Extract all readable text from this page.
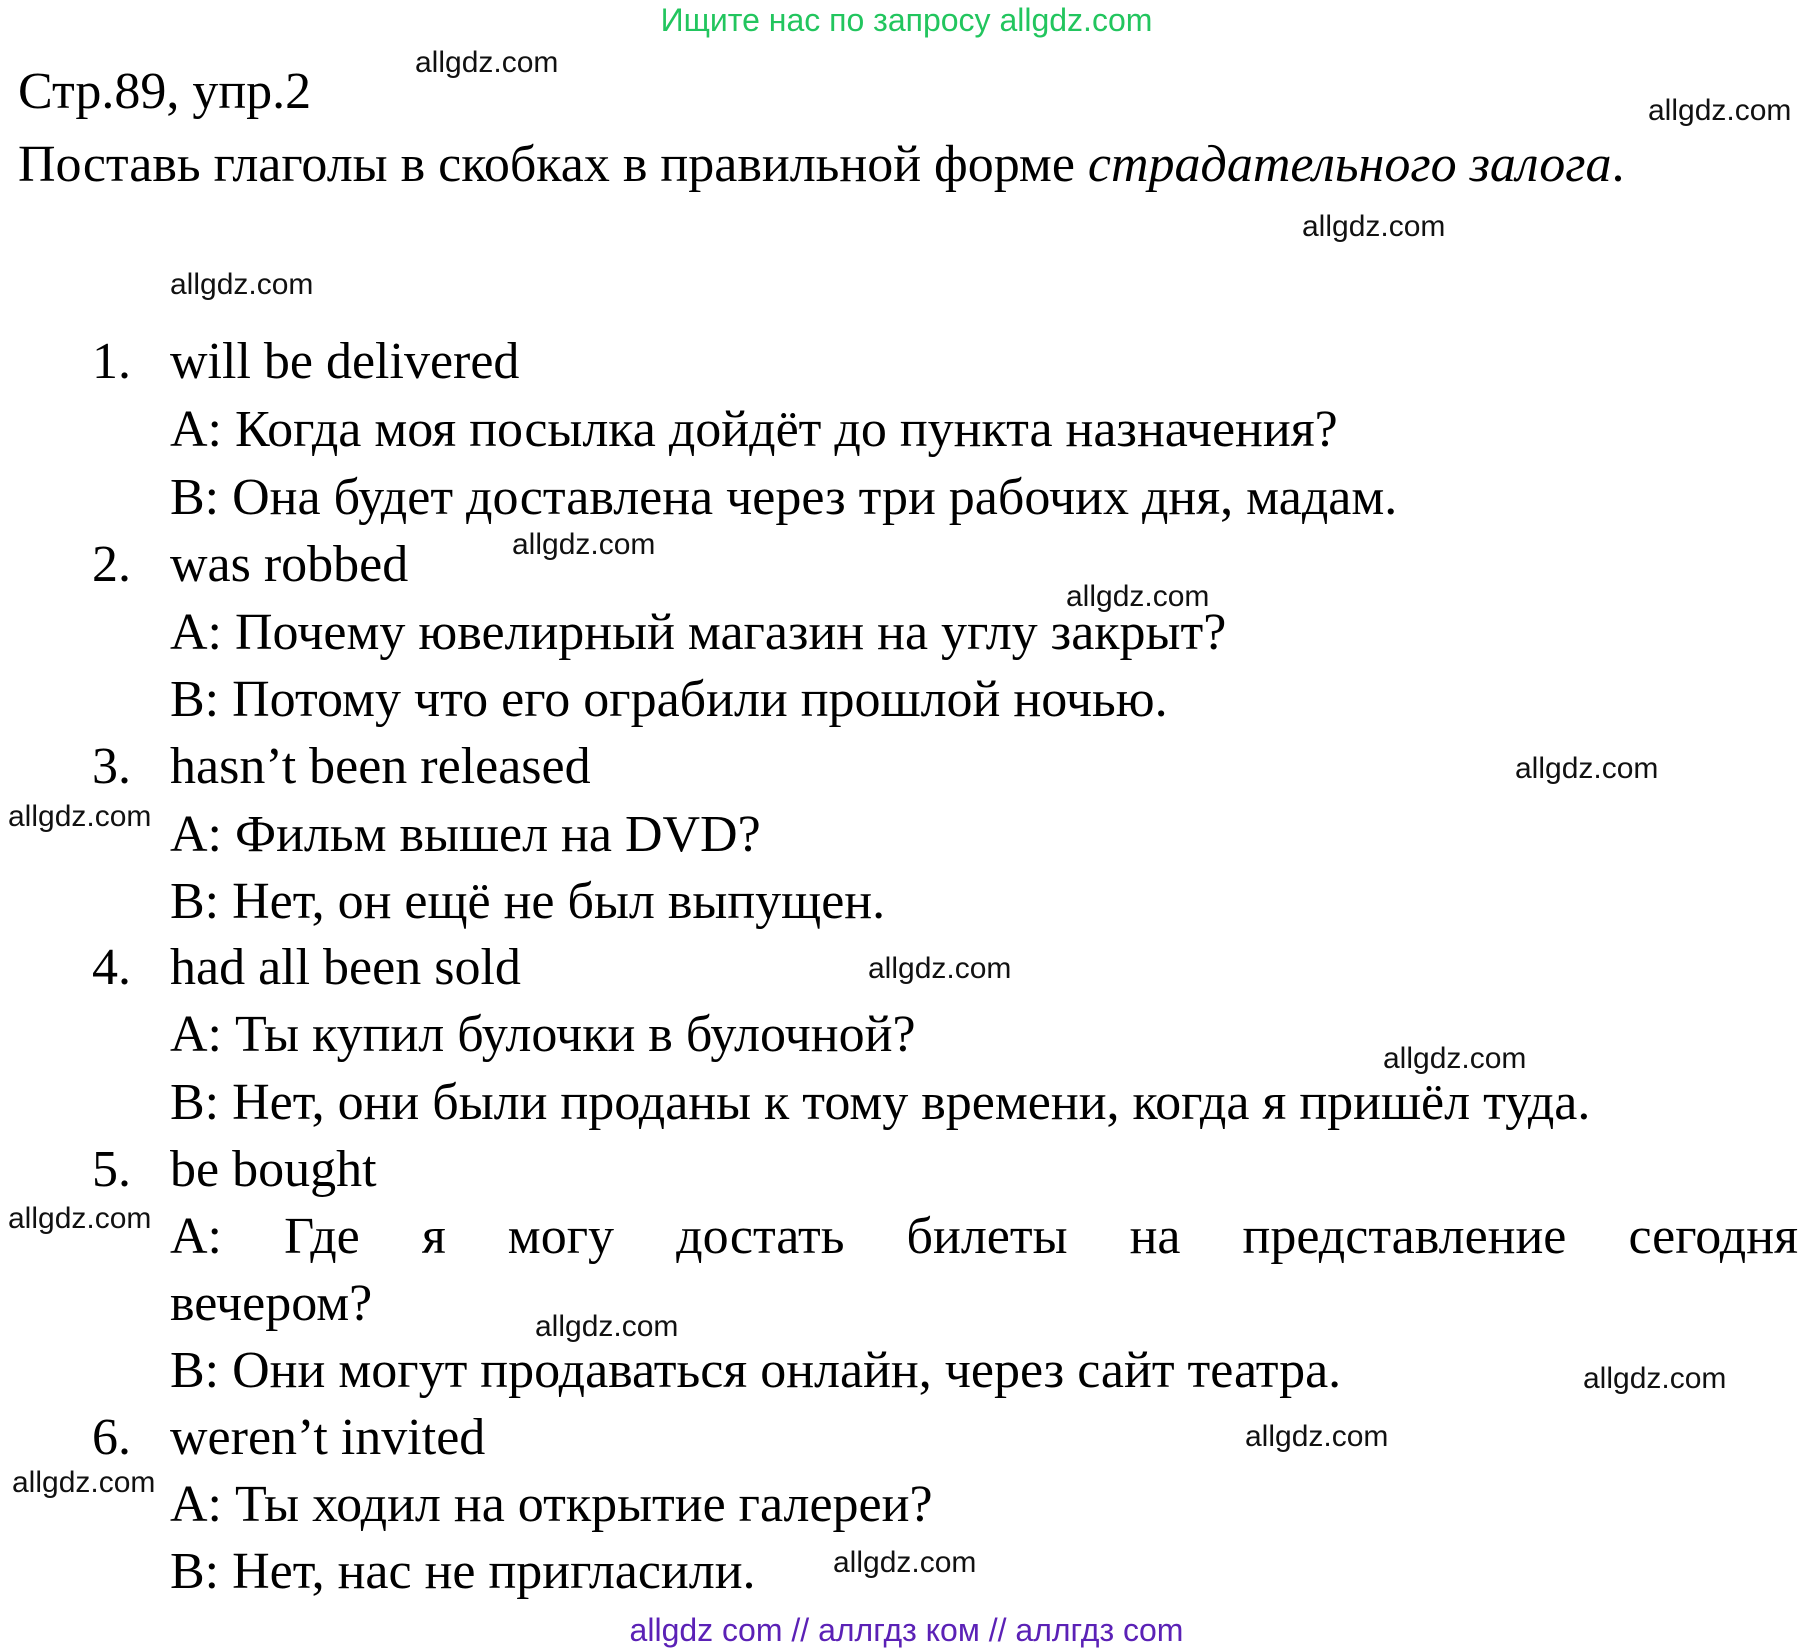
Ищите нас по запросу allgdz.com
Стр.89, упр.2
Поставь глаголы в скобках в правильной форме страдательного залога.
1. will be delivered
A: Когда моя посылка дойдёт до пункта назначения?
B: Она будет доставлена через три рабочих дня, мадам.
2. was robbed
A: Почему ювелирный магазин на углу закрыт?
B: Потому что его ограбили прошлой ночью.
3. hasn’t been released
A: Фильм вышел на DVD?
B: Нет, он ещё не был выпущен.
4. had all been sold
A: Ты купил булочки в булочной?
B: Нет, они были проданы к тому времени, когда я пришёл туда.
5. be bought
A: Где я могу достать билеты на представление сегодня
вечером?
B: Они могут продаваться онлайн, через сайт театра.
6. weren’t invited
A: Ты ходил на открытие галереи?
B: Нет, нас не пригласили.
allgdz.com
allgdz.com
allgdz.com
allgdz.com
allgdz.com
allgdz.com
allgdz.com
allgdz.com
allgdz.com
allgdz.com
allgdz.com
allgdz.com
allgdz.com
allgdz.com
allgdz.com
allgdz.com
allgdz com // аллгдз ком // аллгдз com
